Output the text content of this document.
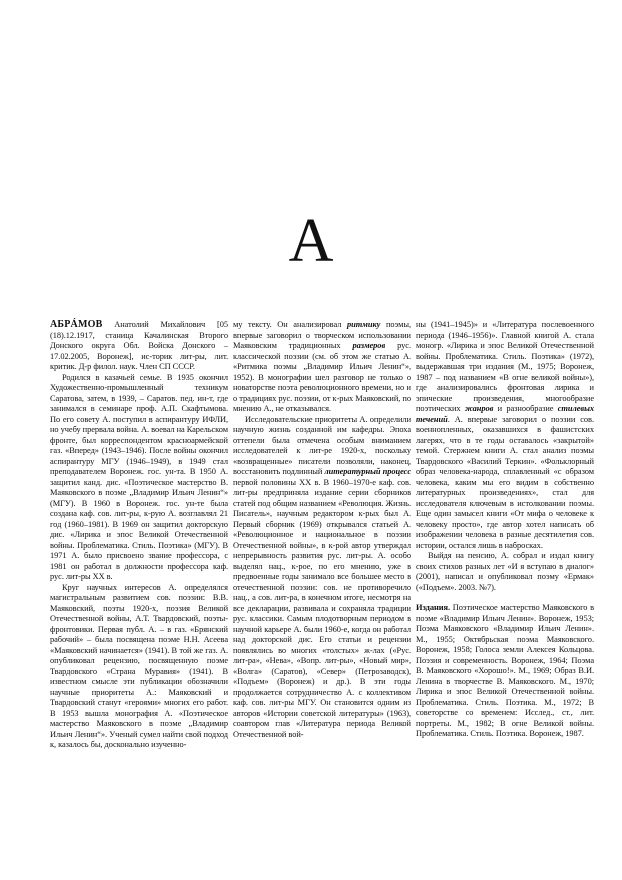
А

АБРÁМОВ Анатолий Михайлович [05 (18).12.1917, станица Качалинская Второго Донского округа Обл. Войска Донского – 17.02.2005, Воронеж], ис-торик лит-ры, лит. критик. Д-р филол. наук. Член СП СССР.

Родился в казачьей семье. В 1935 окончил Художественно-промышленный техникум Саратова, затем, в 1939, – Саратов. пед. ин-т, где занимался в семинаре проф. А.П. Скафтымова. По его совету А. поступил в аспирантуру ИФЛИ, но учебу прервала война. А. воевал на Карельском фронте, был корреспондентом красноармейской газ. «Вперед» (1943–1946). После войны окончил аспирантуру МГУ (1946–1949), в 1949 стал преподавателем Воронеж. гос. ун-та. В 1950 А. защитил канд. дис. «Поэтическое мастерство В. Маяковского в поэме „Владимир Ильич Ленин“» (МГУ). В 1960 в Воронеж. гос. ун-те была создана каф. сов. лит-ры, к-рую А. возглавлял 21 год (1960–1981). В 1969 он защитил докторскую дис. «Лирика и эпос Великой Отечественной войны. Проблематика. Стиль. Поэтика» (МГУ). В 1971 А. было присвоено звание профессора, с 1981 он работал в должности профессора каф. рус. лит-ры XX в.

Круг научных интересов А. определялся магистральным развитием сов. поэзии: В.В. Маяковский, поэты 1920-х, поэзия Великой Отечественной войны, А.Т. Твардовский, поэты-фронтовики. Первая публ. А. – в газ. «Брянский рабочий» – была посвящена поэме Н.Н. Асеева «Маяковский начинается» (1941). В той же газ. А. опубликовал рецензию, посвященную поэме Твардовского «Страна Муравия» (1941). В известном смысле эти публикации обозначили научные приоритеты А.: Маяковский и Твардовский станут «героями» многих его работ. В 1953 вышла монография А. «Поэтическое мастерство Маяковского в поэме „Владимир Ильич Ленин“». Ученый сумел найти свой подход к, казалось бы, досконально изученно-

му тексту. Он анализировал ритмику поэмы, впервые заговорил о творческом использовании Маяковским традиционных размеров рус. классической поэзии (см. об этом же статью А. «Ритмика поэмы „Владимир Ильич Ленин“», 1952). В монографии шел разговор не только о новаторстве поэта революционного времени, но и о традициях рус. поэзии, от к-рых Маяковский, по мнению А., не отказывался.

Исследовательские приоритеты А. определили научную жизнь созданной им кафедры. Эпоха оттепели была отмечена особым вниманием исследователей к лит-ре 1920-х, поскольку «возвращенные» писатели позволяли, наконец, восстановить подлинный литературный процесс первой половины XX в. В 1960–1970-е каф. сов. лит-ры предприняла издание серии сборников статей под общим названием «Революция. Жизнь. Писатель», научным редактором к-рых был А. Первый сборник (1969) открывался статьей А. «Революционное и национальное в поэзии Отечественной войны», в к-рой автор утверждал непрерывность развития рус. лит-ры. А. особо выделял нац., к-рое, по его мнению, уже в предвоенные годы занимало все большее место в отечественной поэзии: сов. не противоречило нац., а сов. лит-ра, в конечном итоге, несмотря на все декларации, развивала и сохраняла традиции рус. классики. Самым плодотворным периодом в научной карьере А. были 1960-е, когда он работал над докторской дис. Его статьи и рецензии появлялись во многих «толстых» ж-лах («Рус. лит-ра», «Нева», «Вопр. лит-ры», «Новый мир», «Волга» (Саратов), «Север» (Петрозаводск), «Подъем» (Воронеж) и др.). В эти годы продолжается сотрудничество А. с коллективом каф. сов. лит-ры МГУ. Он становится одним из авторов «Истории советской литературы» (1963), соавтором глав «Литература периода Великой Отечественной вой-

ны (1941–1945)» и «Литература послевоенного периода (1946–1956)». Главной книгой А. стала моногр. «Лирика и эпос Великой Отечественной войны. Проблематика. Стиль. Поэтика» (1972), выдержавшая три издания (М., 1975; Воронеж, 1987 – под названием «В огне великой войны»), где анализировались фронтовая лирика и эпические произведения, многообразие поэтических жанров и разнообразие стилевых течений. А. впервые заговорил о поэзии сов. военнопленных, оказавшихся в фашистских лагерях, что в те годы оставалось «закрытой» темой. Стержнем книги А. стал анализ поэмы Твардовского «Василий Теркин». «Фольклорный образ человека-народа, сплавленный «с образом человека, каким мы его видим в собственно литературных произведениях», стал для исследователя ключевым в истолковании поэмы. Еще один замысел книги «От мифа о человеке к человеку просто», где автор хотел написать об изображении человека в разные десятилетия сов. истории, остался лишь в набросках.

Выйдя на пенсию, А. собрал и издал книгу своих стихов разных лет «И я вступаю в диалог» (2001), написал и опубликовал поэму «Ермак» («Подъем». 2003. №7).

Издания. Поэтическое мастерство Маяковского в поэме «Владимир Ильич Ленин». Воронеж, 1953; Поэма Маяковского «Владимир Ильич Ленин». М., 1955; Октябрьская поэма Маяковского. Воронеж, 1958; Голоса земли Алексея Кольцова. Поэзия и современность. Воронеж, 1964; Поэма В. Маяковского «Хорошо!». М., 1969; Образ В.И. Ленина в творчестве В. Маяковского. М., 1970; Лирика и эпос Великой Отечественной войны. Проблематика. Стиль. Поэтика. М., 1972; В советорстве со временем: Исслед., ст., лит. портреты. М., 1982; В огне Великой войны. Проблематика. Стиль. Поэтика. Воронеж, 1987.
